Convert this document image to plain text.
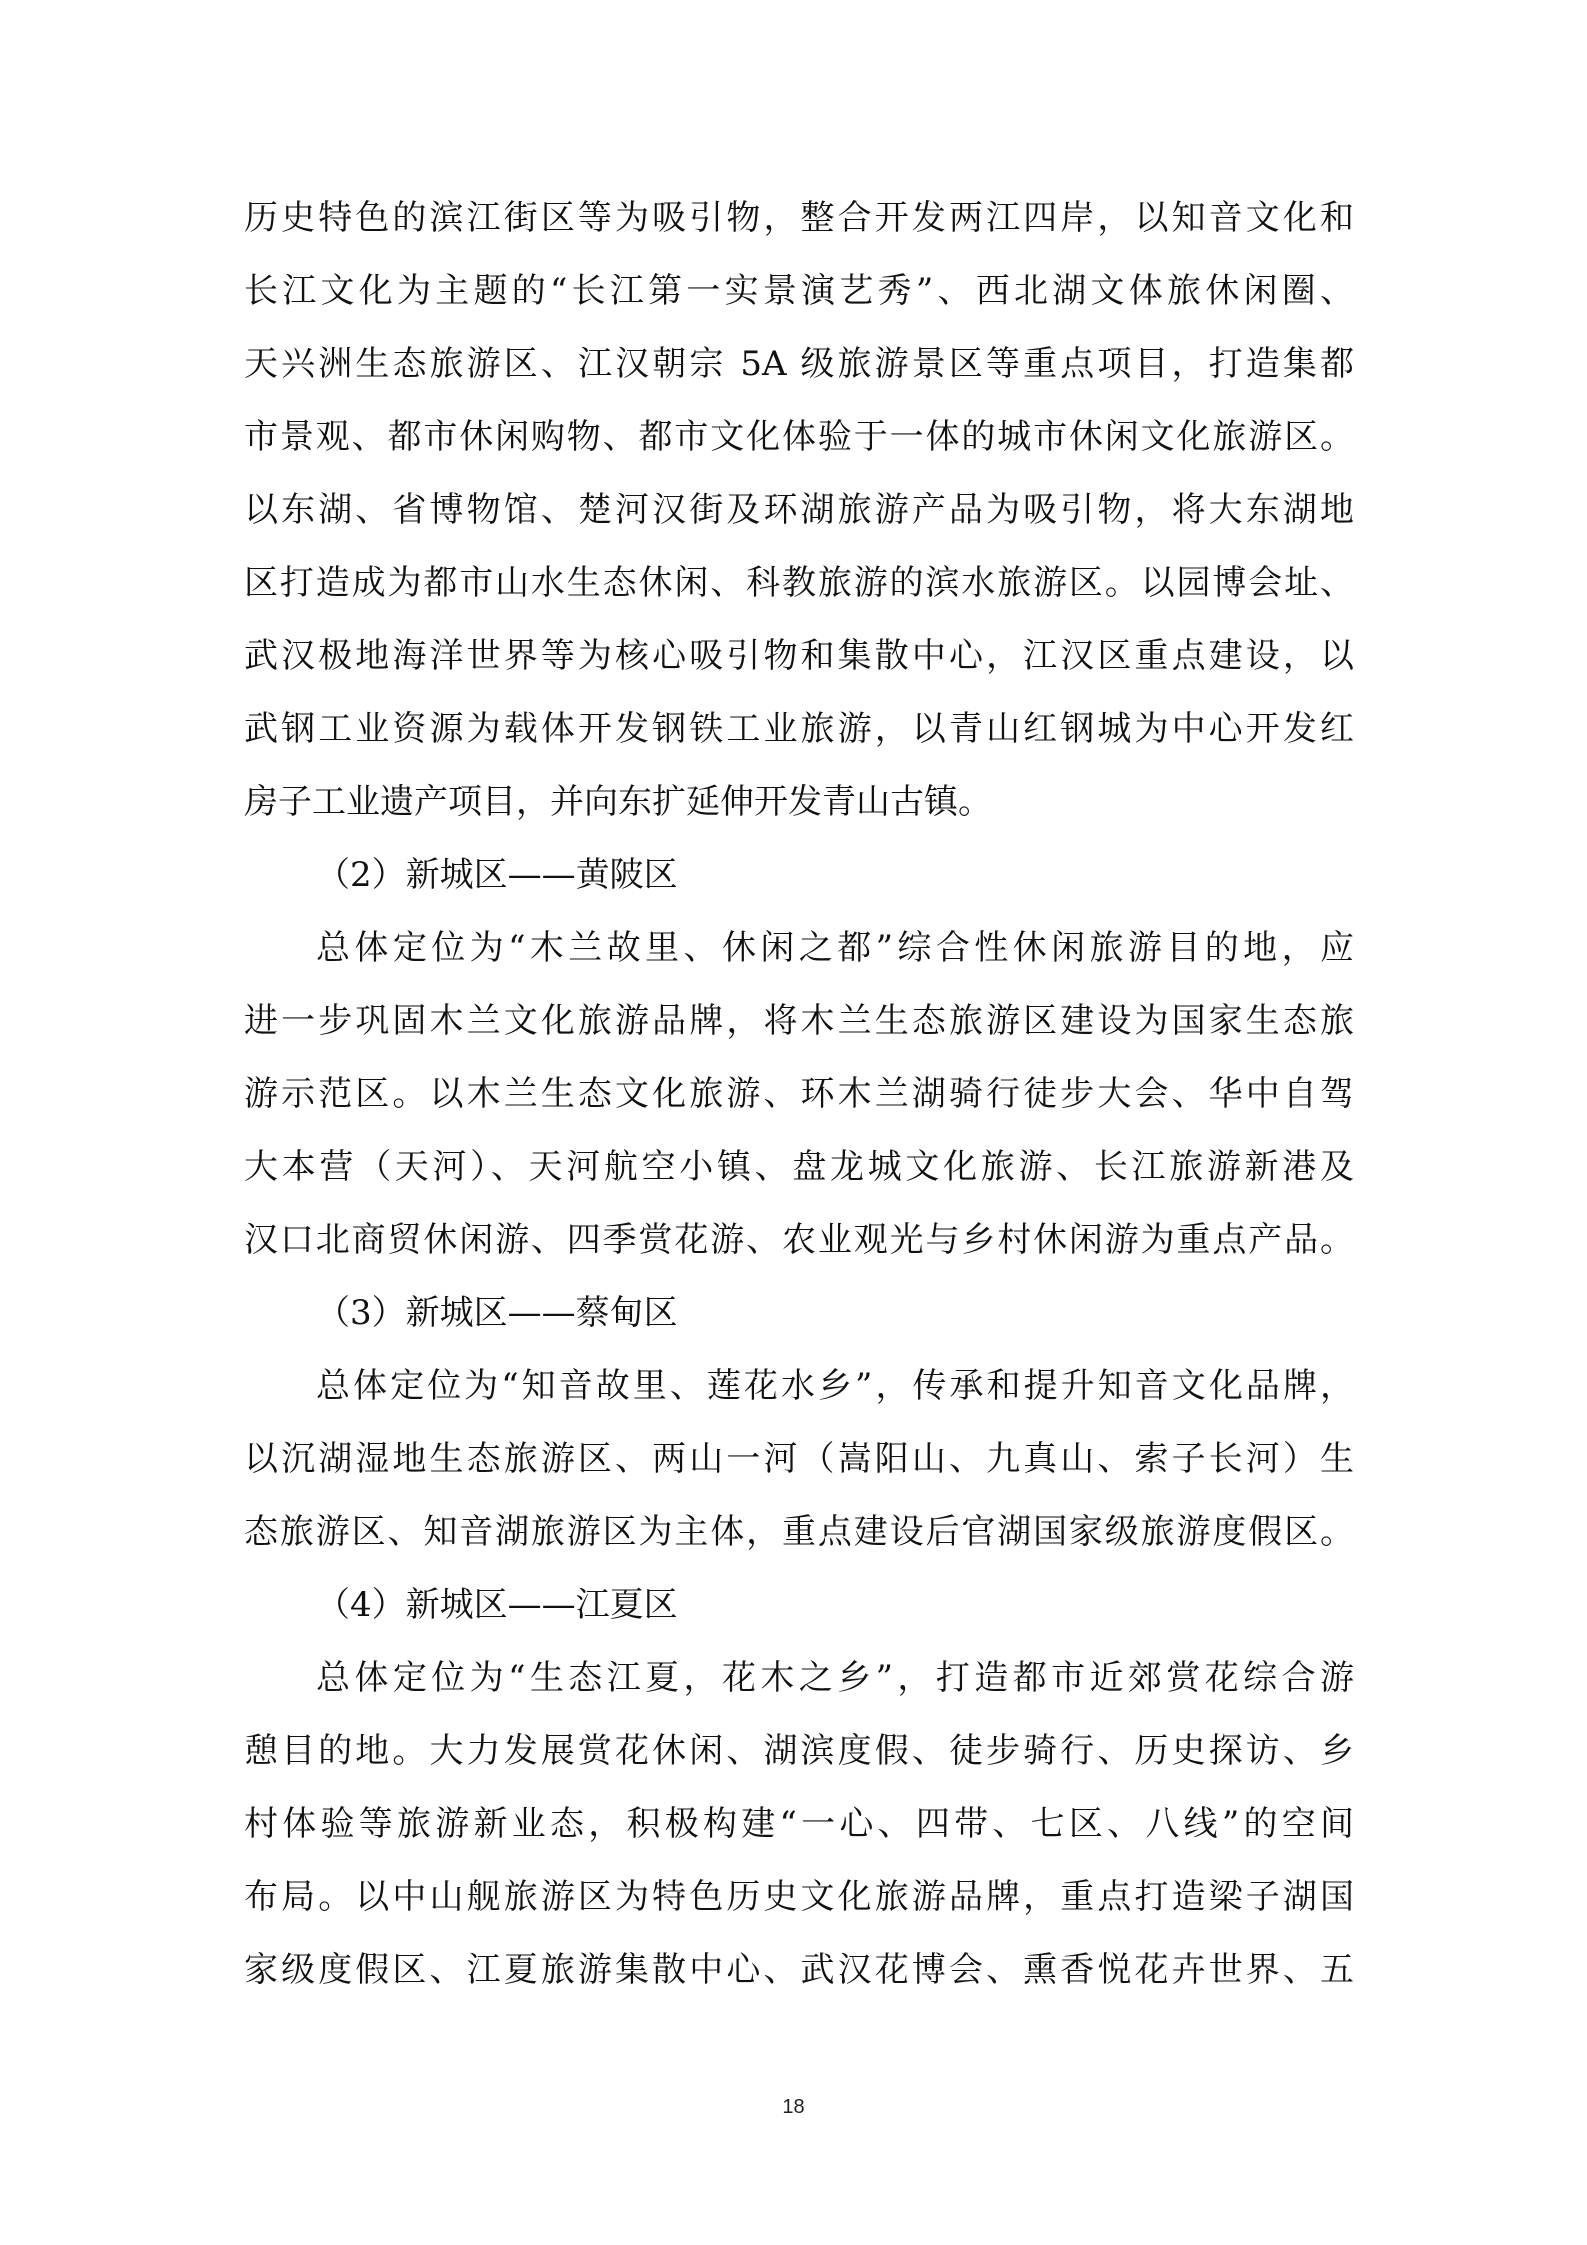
历史特色的滨江街区等为吸引物，整合开发两江四岸，以知音文化和
长江文化为主题的“长江第一实景演艺秀”、西北湖文体旅休闲圈、
天兴洲生态旅游区、江汉朝宗 5A 级旅游景区等重点项目，打造集都
市景观、都市休闲购物、都市文化体验于一体的城市休闲文化旅游区。
以东湖、省博物馆、楚河汉街及环湖旅游产品为吸引物，将大东湖地
区打造成为都市山水生态休闲、科教旅游的滨水旅游区。以园博会址、
武汉极地海洋世界等为核心吸引物和集散中心，江汉区重点建设，以
武钢工业资源为载体开发钢铁工业旅游，以青山红钢城为中心开发红
房子工业遗产项目，并向东扩延伸开发青山古镇。
（2）新城区——黄陂区
总体定位为“木兰故里、休闲之都”综合性休闲旅游目的地，应
进一步巩固木兰文化旅游品牌，将木兰生态旅游区建设为国家生态旅
游示范区。以木兰生态文化旅游、环木兰湖骑行徒步大会、华中自驾
大本营（天河）、天河航空小镇、盘龙城文化旅游、长江旅游新港及
汉口北商贸休闲游、四季赏花游、农业观光与乡村休闲游为重点产品。
（3）新城区——蔡甸区
总体定位为“知音故里、莲花水乡”，传承和提升知音文化品牌，
以沉湖湿地生态旅游区、两山一河（嵩阳山、九真山、索子长河）生
态旅游区、知音湖旅游区为主体，重点建设后官湖国家级旅游度假区。
（4）新城区——江夏区
总体定位为“生态江夏，花木之乡”，打造都市近郊赏花综合游
憩目的地。大力发展赏花休闲、湖滨度假、徒步骑行、历史探访、乡
村体验等旅游新业态，积极构建“一心、四带、七区、八线”的空间
布局。以中山舰旅游区为特色历史文化旅游品牌，重点打造梁子湖国
家级度假区、江夏旅游集散中心、武汉花博会、熏香悦花卉世界、五
18
